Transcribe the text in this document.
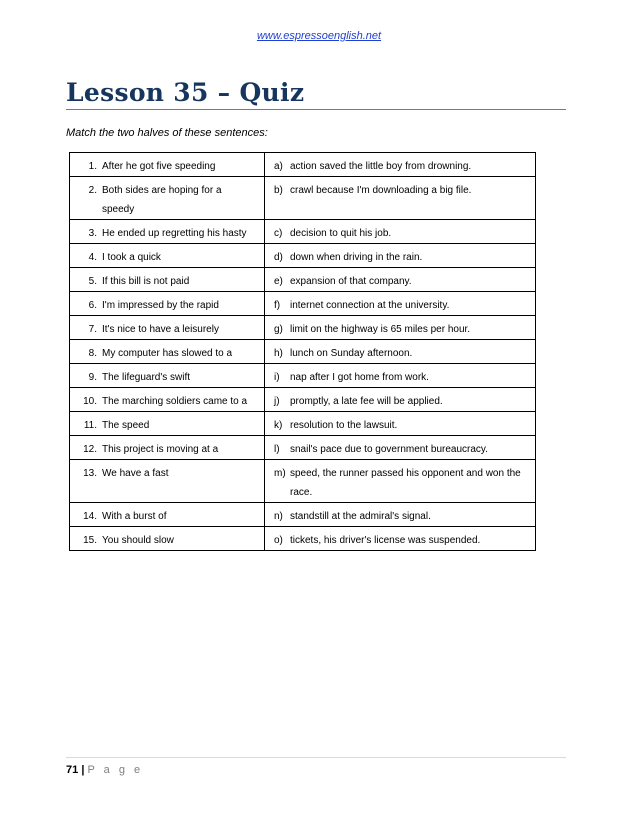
www.espressoenglish.net
Lesson 35 – Quiz
Match the two halves of these sentences:
1. After he got five speeding	a) action saved the little boy from drowning.
2. Both sides are hoping for a speedy	b) crawl because I'm downloading a big file.
3. He ended up regretting his hasty	c) decision to quit his job.
4. I took a quick	d) down when driving in the rain.
5. If this bill is not paid	e) expansion of that company.
6. I'm impressed by the rapid	f) internet connection at the university.
7. It's nice to have a leisurely	g) limit on the highway is 65 miles per hour.
8. My computer has slowed to a	h) lunch on Sunday afternoon.
9. The lifeguard's swift	i) nap after I got home from work.
10. The marching soldiers came to a	j) promptly, a late fee will be applied.
11. The speed	k) resolution to the lawsuit.
12. This project is moving at a	l) snail's pace due to government bureaucracy.
13. We have a fast	m) speed, the runner passed his opponent and won the race.
14. With a burst of	n) standstill at the admiral's signal.
15. You should slow	o) tickets, his driver's license was suspended.
71 | P a g e
